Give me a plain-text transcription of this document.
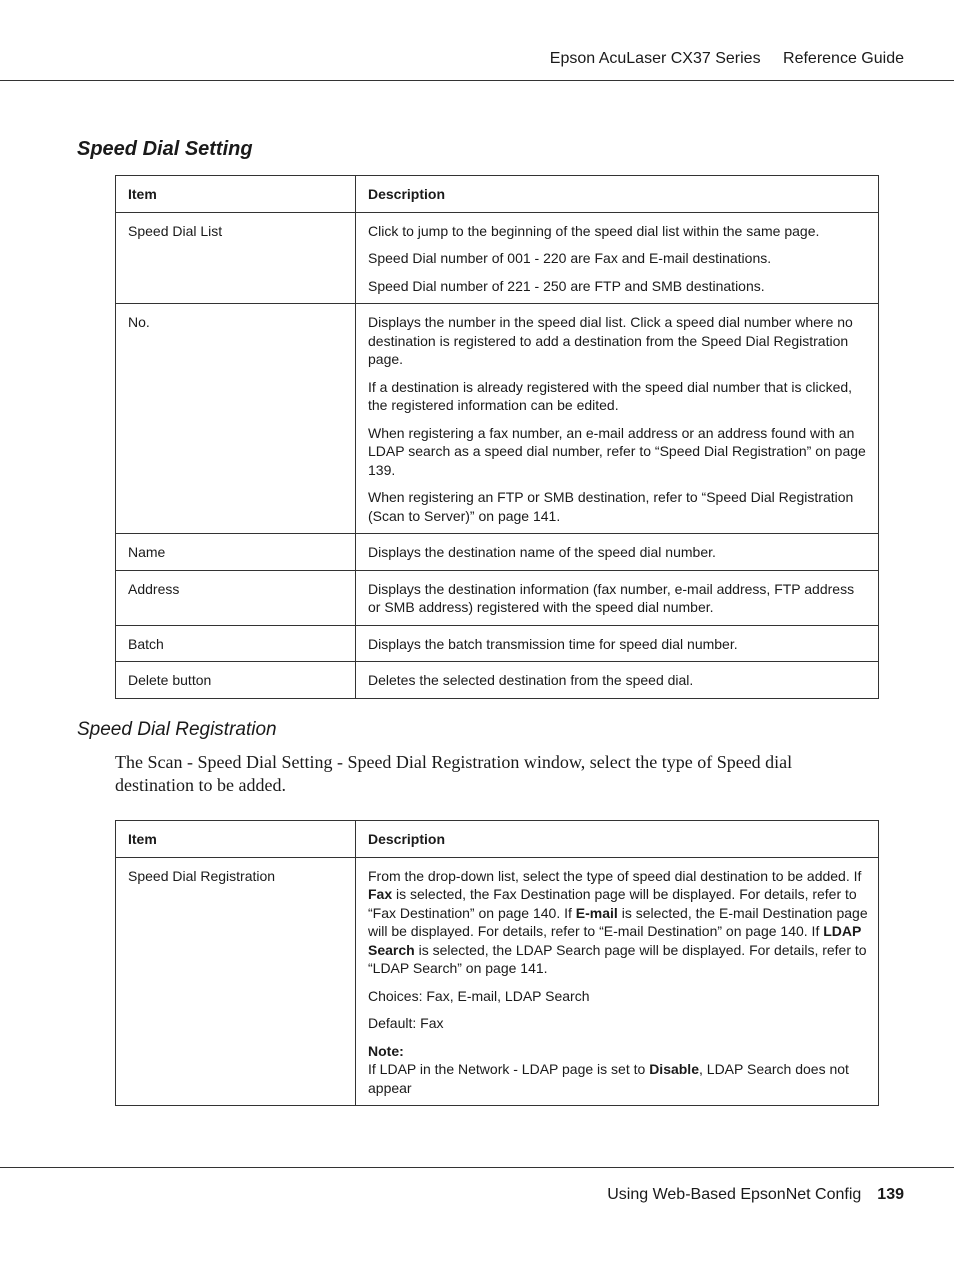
Epson AcuLaser CX37 Series Reference Guide
Speed Dial Setting
Item	Description
Speed Dial List	Click to jump to the beginning of the speed dial list within the same page.

Speed Dial number of 001 - 220 are Fax and E-mail destinations.

Speed Dial number of 221 - 250 are FTP and SMB destinations.

No.	Displays the number in the speed dial list. Click a speed dial number where no destination is registered to add a destination from the Speed Dial Registration page.

If a destination is already registered with the speed dial number that is clicked, the registered information can be edited.

When registering a fax number, an e-mail address or an address found with an LDAP search as a speed dial number, refer to “Speed Dial Registration” on page 139.

When registering an FTP or SMB destination, refer to “Speed Dial Registration (Scan to Server)” on page 141.

Name	Displays the destination name of the speed dial number.

Address	Displays the destination information (fax number, e-mail address, FTP address or SMB address) registered with the speed dial number.

Batch	Displays the batch transmission time for speed dial number.

Delete button	Deletes the selected destination from the speed dial.

Speed Dial Registration
The Scan - Speed Dial Setting - Speed Dial Registration window, select the type of Speed dial destination to be added.
Item	Description
Speed Dial Registration	From the drop-down list, select the type of speed dial destination to be added. If Fax is selected, the Fax Destination page will be displayed. For details, refer to “Fax Destination” on page 140. If E-mail is selected, the E-mail Destination page will be displayed. For details, refer to “E-mail Destination” on page 140. If LDAP Search is selected, the LDAP Search page will be displayed. For details, refer to “LDAP Search” on page 141.

Choices: Fax, E-mail, LDAP Search

Default: Fax

Note:
If LDAP in the Network - LDAP page is set to Disable, LDAP Search does not appear

Using Web-Based EpsonNet Config 139
